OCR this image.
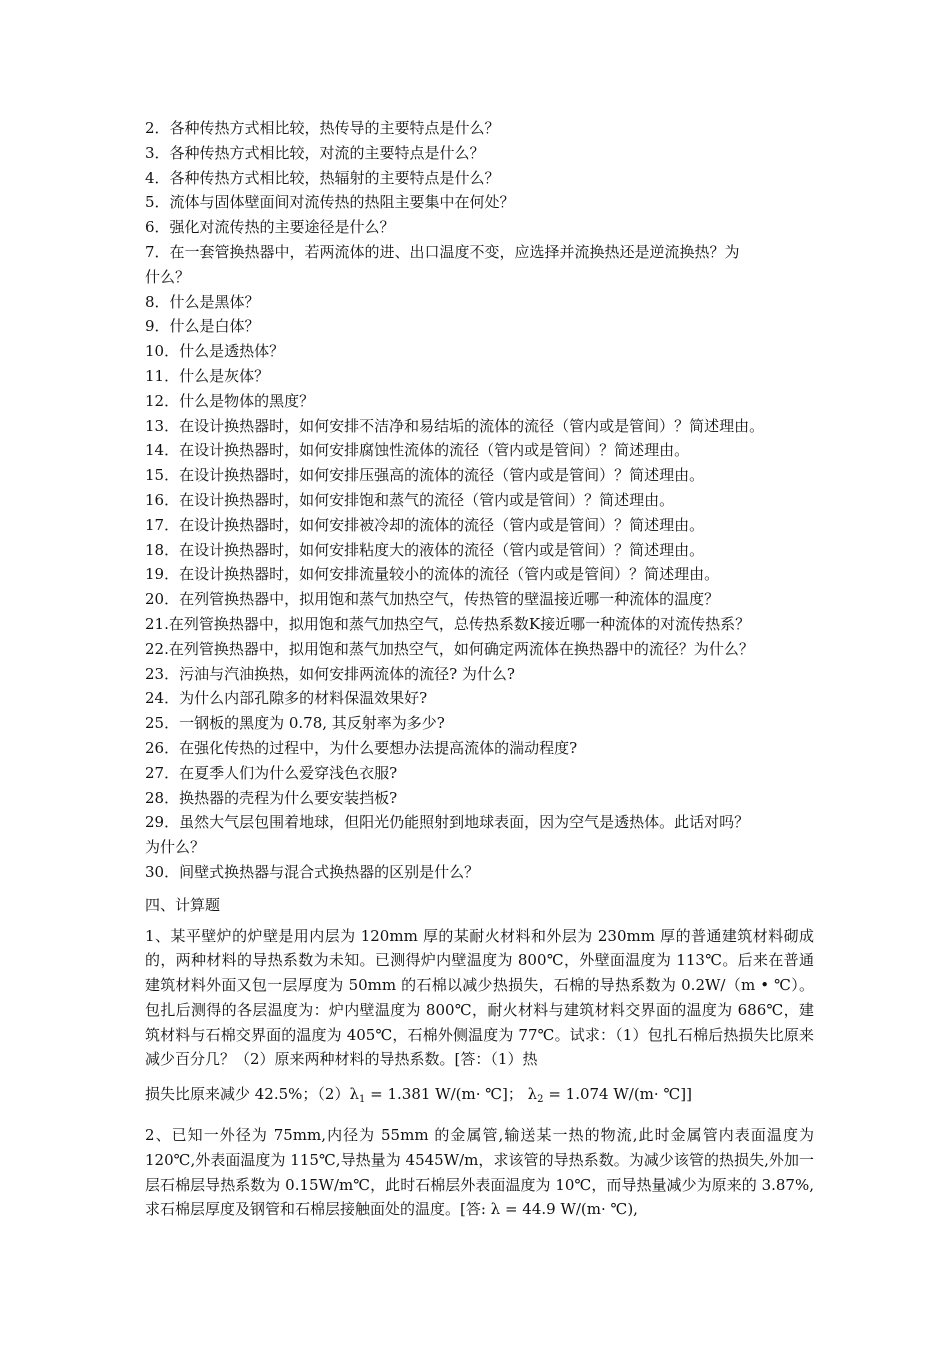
2．各种传热方式相比较，热传导的主要特点是什么？
3．各种传热方式相比较，对流的主要特点是什么？
4．各种传热方式相比较，热辐射的主要特点是什么？
5．流体与固体壁面间对流传热的热阻主要集中在何处？
6．强化对流传热的主要途径是什么？
7．在一套管换热器中，若两流体的进、出口温度不变，应选择并流换热还是逆流换热？为
什么？
8．什么是黑体？
9．什么是白体？
10．什么是透热体？
11．什么是灰体？
12．什么是物体的黑度？
13．在设计换热器时，如何安排不洁净和易结垢的流体的流径（管内或是管间）？简述理由。
14．在设计换热器时，如何安排腐蚀性流体的流径（管内或是管间）？简述理由。
15．在设计换热器时，如何安排压强高的流体的流径（管内或是管间）？简述理由。
16．在设计换热器时，如何安排饱和蒸气的流径（管内或是管间）？简述理由。
17．在设计换热器时，如何安排被冷却的流体的流径（管内或是管间）？简述理由。
18．在设计换热器时，如何安排粘度大的液体的流径（管内或是管间）？简述理由。
19．在设计换热器时，如何安排流量较小的流体的流径（管内或是管间）？简述理由。
20．在列管换热器中，拟用饱和蒸气加热空气，传热管的壁温接近哪一种流体的温度？
21.在列管换热器中，拟用饱和蒸气加热空气，总传热系数K接近哪一种流体的对流传热系？
22.在列管换热器中，拟用饱和蒸气加热空气，如何确定两流体在换热器中的流径？为什么？
23．污油与汽油换热，如何安排两流体的流径? 为什么?
24．为什么内部孔隙多的材料保温效果好?
25．一钢板的黑度为 0.78, 其反射率为多少?
26．在强化传热的过程中，为什么要想办法提高流体的湍动程度?
27．在夏季人们为什么爱穿浅色衣服?
28．换热器的壳程为什么要安装挡板?
29．虽然大气层包围着地球，但阳光仍能照射到地球表面，因为空气是透热体。此话对吗？
为什么？
30．间壁式换热器与混合式换热器的区别是什么？
四、计算题
1、某平壁炉的炉壁是用内层为 120mm 厚的某耐火材料和外层为 230mm 厚的普通建筑材料砌成的，两种材料的导热系数为未知。已测得炉内壁温度为 800℃，外壁面温度为 113℃。后来在普通建筑材料外面又包一层厚度为 50mm 的石棉以减少热损失，石棉的导热系数为 0.2W/（m • ℃）。包扎后测得的各层温度为：炉内壁温度为 800℃，耐火材料与建筑材料交界面的温度为 686℃，建筑材料与石棉交界面的温度为 405℃，石棉外侧温度为 77℃。试求：（1）包扎石棉后热损失比原来减少百分几？（2）原来两种材料的导热系数。[答：（1）热
损失比原来减少 42.5%；$(2)\lambda_1 = 1.381$ W/(m· ℃]； $\lambda_2 = 1.074$ W/(m· ℃]]
2、已知一外径为 75mm,内径为 55mm 的金属管,输送某一热的物流,此时金属管内表面温度为 120℃,外表面温度为 115℃,导热量为 4545W/m，求该管的导热系数。为减少该管的热损失,外加一层石棉层导热系数为 0.15W/m℃，此时石棉层外表面温度为 10℃，而导热量减少为原来的 3.87%,求石棉层厚度及钢管和石棉层接触面处的温度。[答: λ = 44.9 W/(m· ℃),
